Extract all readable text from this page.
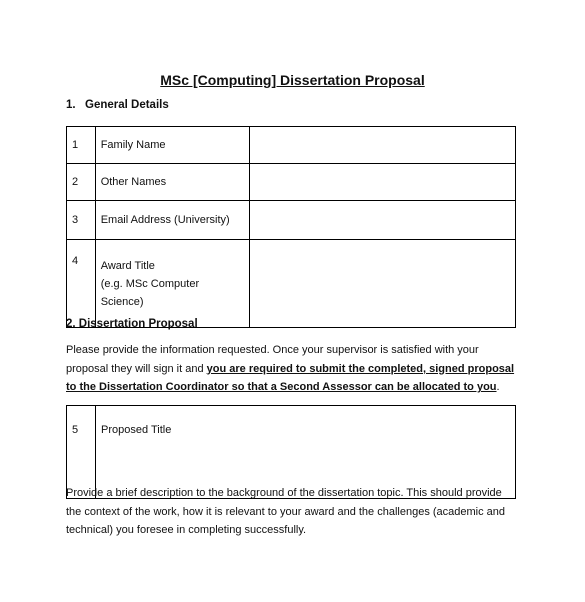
MSc [Computing] Dissertation Proposal
1. General Details
1	Family Name	
2	Other Names	
3	Email Address (University)	
4	Award Title
(e.g. MSc Computer
Science)	

2. Dissertation Proposal
Please provide the information requested. Once your supervisor is satisfied with your proposal they will sign it and you are required to submit the completed, signed proposal to the Dissertation Coordinator so that a Second Assessor can be allocated to you.
5	Proposed Title
Provide a brief description to the background of the dissertation topic. This should provide the context of the work, how it is relevant to your award and the challenges (academic and technical) you foresee in completing successfully.
